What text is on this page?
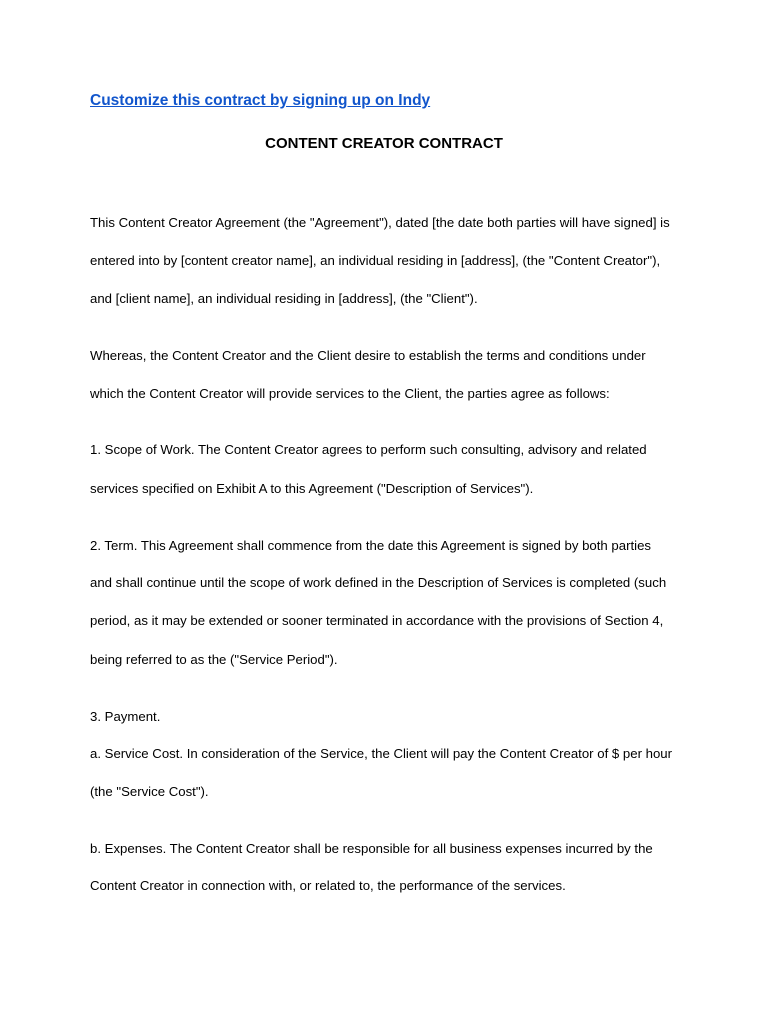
Customize this contract by signing up on Indy
CONTENT CREATOR CONTRACT
This Content Creator Agreement (the "Agreement"), dated [the date both parties will have signed] is
entered into by [content creator name], an individual residing in [address], (the "Content Creator"),
and [client name], an individual residing in [address], (the "Client").
Whereas, the Content Creator and the Client desire to establish the terms and conditions under
which the Content Creator will provide services to the Client, the parties agree as follows:
1. Scope of Work. The Content Creator agrees to perform such consulting, advisory and related
services specified on Exhibit A to this Agreement ("Description of Services").
2. Term. This Agreement shall commence from the date this Agreement is signed by both parties
and shall continue until the scope of work defined in the Description of Services is completed (such
period, as it may be extended or sooner terminated in accordance with the provisions of Section 4,
being referred to as the ("Service Period").
3. Payment.
a. Service Cost. In consideration of the Service, the Client will pay the Content Creator of $ per hour
(the "Service Cost").
b. Expenses. The Content Creator shall be responsible for all business expenses incurred by the
Content Creator in connection with, or related to, the performance of the services.
